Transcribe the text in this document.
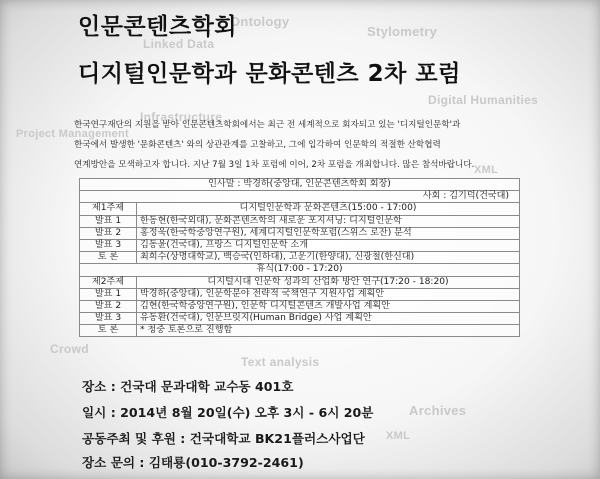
Ontology
Stylometry
Linked Data
Digital Humanities
Infrastructure
Project Management
XML
Crowd
Text analysis
Archives
XML
인문콘텐츠학회
디지털인문학과 문화콘텐츠 2차 포럼
한국연구재단의 지원을 받아 인문콘텐츠학회에서는 최근 전 세계적으로 회자되고 있는 '디지털인문학'과
한국에서 발생한 '문화콘텐츠' 와의 상관관계를 고찰하고, 그에 입각하여 인문학의 적절한 산학협력
연계방안을 모색하고자 합니다. 지난 7월 3일 1차 포럼에 이어, 2차 포럼을 개최합니다. 많은 참석바랍니다.
인사말 : 박경하(중앙대, 인문콘텐츠학회 회장)	
사회 : 김기덕(건국대)	
제1주제	디지털인문학과 문화콘텐츠(15:00 - 17:00)
발표 1	한동현(한국외대), 문화콘텐츠학의 새로운 포지셔닝: 디지털인문학
발표 2	홍정욱(한국학중앙연구원), 세계디지털인문학포럼(스위스 로잔) 분석
발표 3	김동윤(건국대), 프랑스 디지털인문학 소개
토 론	최희수(상명대학교), 백승국(인하대), 고운기(한양대), 신광철(한신대)
휴식(17:00 - 17:20)	
제2주제	디지털시대 인문학 성과의 산업화 방안 연구(17:20 - 18:20)
발표 1	박경하(중앙대), 인문학분야 전략적 국책연구 지원사업 계획안
발표 2	김현(한국학중앙연구원), 인문학 디지털콘텐츠 개발사업 계획안
발표 3	유동환(건국대), 인문브릿지(Human Bridge) 사업 계획안
토 론	* 청중 토론으로 진행함
장소 : 건국대 문과대학 교수동 401호
일시 : 2014년 8월 20일(수) 오후 3시 - 6시 20분
공동주최 및 후원 : 건국대학교 BK21플러스사업단
장소 문의 : 김태룡(010-3792-2461)
